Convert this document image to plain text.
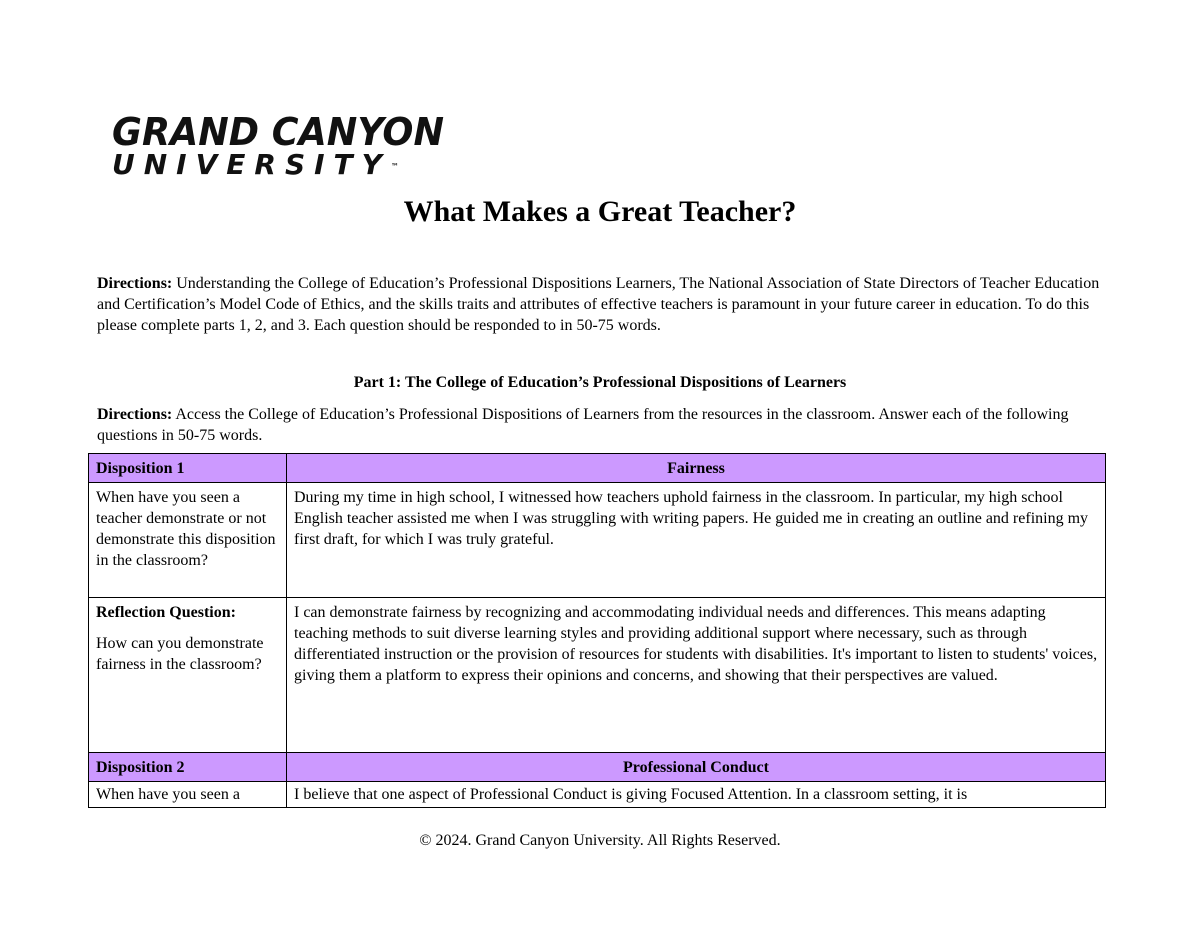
GRAND CANYON
UNIVERSITY™
What Makes a Great Teacher?

Directions: Understanding the College of Education’s Professional Dispositions Learners, The National Association of State Directors of Teacher Education and Certification’s Model Code of Ethics, and the skills traits and attributes of effective teachers is paramount in your future career in education. To do this please complete parts 1, 2, and 3. Each question should be responded to in 50-75 words.

Part 1: The College of Education’s Professional Dispositions of Learners

Directions: Access the College of Education’s Professional Dispositions of Learners from the resources in the classroom. Answer each of the following questions in 50-75 words.

Disposition 1	Fairness
When have you seen a teacher demonstrate or not demonstrate this disposition in the classroom?	During my time in high school, I witnessed how teachers uphold fairness in the classroom. In particular, my high school English teacher assisted me when I was struggling with writing papers. He guided me in creating an outline and refining my first draft, for which I was truly grateful.

Reflection Question:
How can you demonstrate fairness in the classroom?	I can demonstrate fairness by recognizing and accommodating individual needs and differences. This means adapting teaching methods to suit diverse learning styles and providing additional support where necessary, such as through differentiated instruction or the provision of resources for students with disabilities. It's important to listen to students' voices, giving them a platform to express their opinions and concerns, and showing that their perspectives are valued.
Disposition 2	Professional Conduct
When have you seen a	I believe that one aspect of Professional Conduct is giving Focused Attention. In a classroom setting, it is

© 2024. Grand Canyon University. All Rights Reserved.
